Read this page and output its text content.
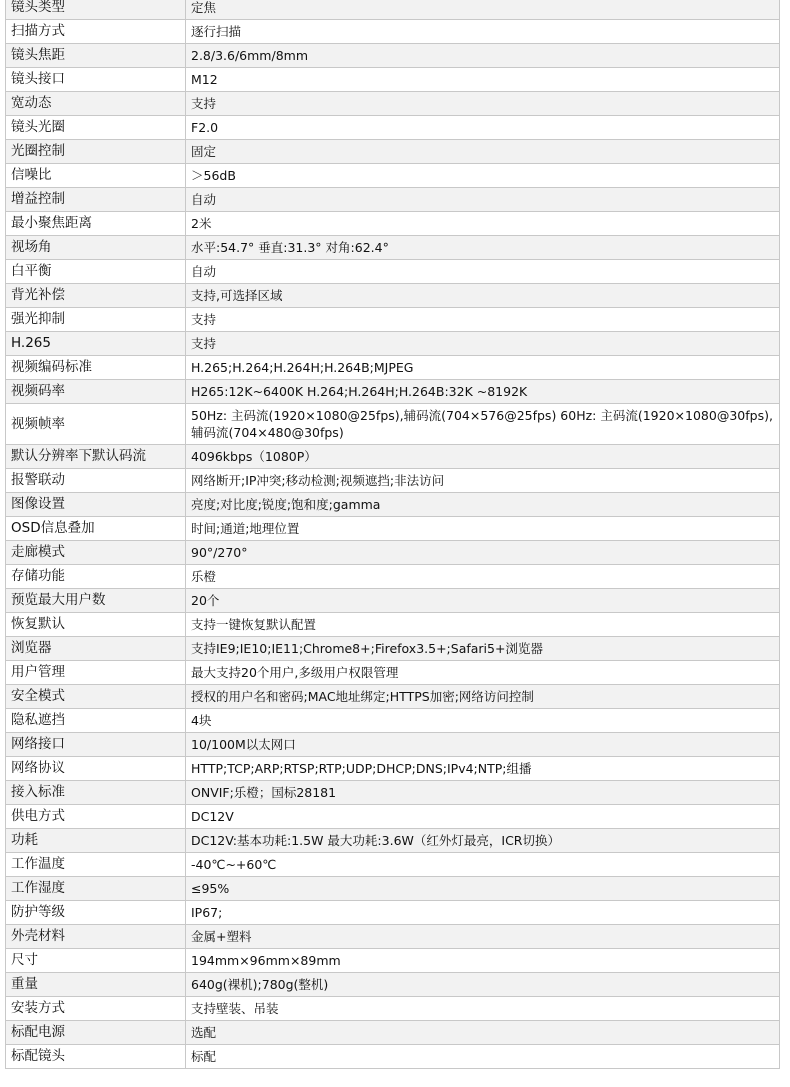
镜头类型	定焦
扫描方式	逐行扫描
镜头焦距	2.8/3.6/6mm/8mm
镜头接口	M12
宽动态	支持
镜头光圈	F2.0
光圈控制	固定
信噪比	＞56dB
增益控制	自动
最小聚焦距离	2米
视场角	水平:54.7° 垂直:31.3° 对角:62.4°
白平衡	自动
背光补偿	支持,可选择区域
强光抑制	支持
H.265	支持
视频编码标准	H.265;H.264;H.264H;H.264B;MJPEG
视频码率	H265:12K~6400K H.264;H.264H;H.264B:32K ~8192K
视频帧率	50Hz: 主码流(1920×1080@25fps),辅码流(704×576@25fps) 60Hz: 主码流(1920×1080@30fps),辅码流(704×480@30fps)
默认分辨率下默认码流	4096kbps（1080P）
报警联动	网络断开;IP冲突;移动检测;视频遮挡;非法访问
图像设置	亮度;对比度;锐度;饱和度;gamma
OSD信息叠加	时间;通道;地理位置
走廊模式	90°/270°
存储功能	乐橙
预览最大用户数	20个
恢复默认	支持一键恢复默认配置
浏览器	支持IE9;IE10;IE11;Chrome8+;Firefox3.5+;Safari5+浏览器
用户管理	最大支持20个用户,多级用户权限管理
安全模式	授权的用户名和密码;MAC地址绑定;HTTPS加密;网络访问控制
隐私遮挡	4块
网络接口	10/100M以太网口
网络协议	HTTP;TCP;ARP;RTSP;RTP;UDP;DHCP;DNS;IPv4;NTP;组播
接入标准	ONVIF;乐橙；国标28181
供电方式	DC12V
功耗	DC12V:基本功耗:1.5W 最大功耗:3.6W（红外灯最亮，ICR切换）
工作温度	-40℃~+60℃
工作湿度	≤95%
防护等级	IP67;
外壳材料	金属+塑料
尺寸	194mm×96mm×89mm
重量	640g(裸机);780g(整机)
安装方式	支持壁装、吊装
标配电源	选配
标配镜头	标配
